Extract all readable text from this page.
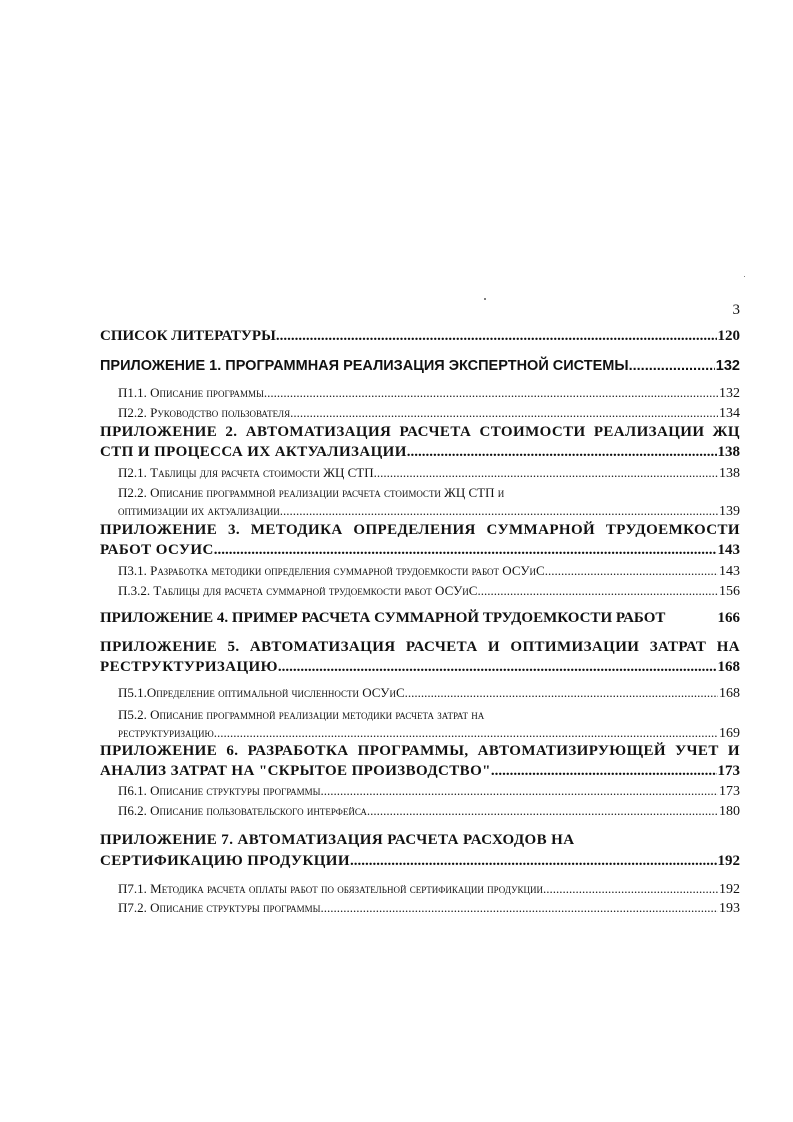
3
СПИСОК ЛИТЕРАТУРЫ .....	120
ПРИЛОЖЕНИЕ 1. ПРОГРАММНАЯ РЕАЛИЗАЦИЯ ЭКСПЕРТНОЙ СИСТЕМЫ .....	132
П1.1. Описание программы .....	132
П2.2. Руководство пользователя .....	134
ПРИЛОЖЕНИЕ 2. АВТОМАТИЗАЦИЯ РАСЧЕТА СТОИМОСТИ РЕАЛИЗАЦИИ ЖЦ
СТП И ПРОЦЕССА ИХ АКТУАЛИЗАЦИИ .....	138
П2.1. Таблицы для расчета стоимости ЖЦ СТП .....	138
П2.2. Описание программной реализации расчета стоимости ЖЦ СТП и
оптимизации их актуализации .....	139
ПРИЛОЖЕНИЕ 3. МЕТОДИКА ОПРЕДЕЛЕНИЯ СУММАРНОЙ ТРУДОЕМКОСТИ
РАБОТ ОСУИС .....	143
П3.1. Разработка методики определения суммарной трудоемкости работ ОСУиС .....	143
П.3.2. Таблицы для расчета суммарной трудоемкости работ ОСУиС .....	156
ПРИЛОЖЕНИЕ 4. ПРИМЕР РАСЧЕТА СУММАРНОЙ ТРУДОЕМКОСТИ РАБОТ	166
ПРИЛОЖЕНИЕ 5. АВТОМАТИЗАЦИЯ РАСЧЕТА И ОПТИМИЗАЦИИ ЗАТРАТ НА
РЕСТРУКТУРИЗАЦИЮ .....	168
П5.1.Определение оптимальной численности ОСУиС .....	168
П5.2. Описание программной реализации методики расчета затрат на
реструктуризацию .....	169
ПРИЛОЖЕНИЕ 6. РАЗРАБОТКА ПРОГРАММЫ, АВТОМАТИЗИРУЮЩЕЙ УЧЕТ И
АНАЛИЗ ЗАТРАТ НА "СКРЫТОЕ ПРОИЗВОДСТВО" .....	173
П6.1. Описание структуры программы .....	173
П6.2. Описание пользовательского интерфейса .....	180
ПРИЛОЖЕНИЕ 7. АВТОМАТИЗАЦИЯ РАСЧЕТА РАСХОДОВ НА
СЕРТИФИКАЦИЮ ПРОДУКЦИИ .....	192
П7.1. Методика расчета оплаты работ по обязательной сертификации продукции .....	192
П7.2. Описание структуры программы .....	193
